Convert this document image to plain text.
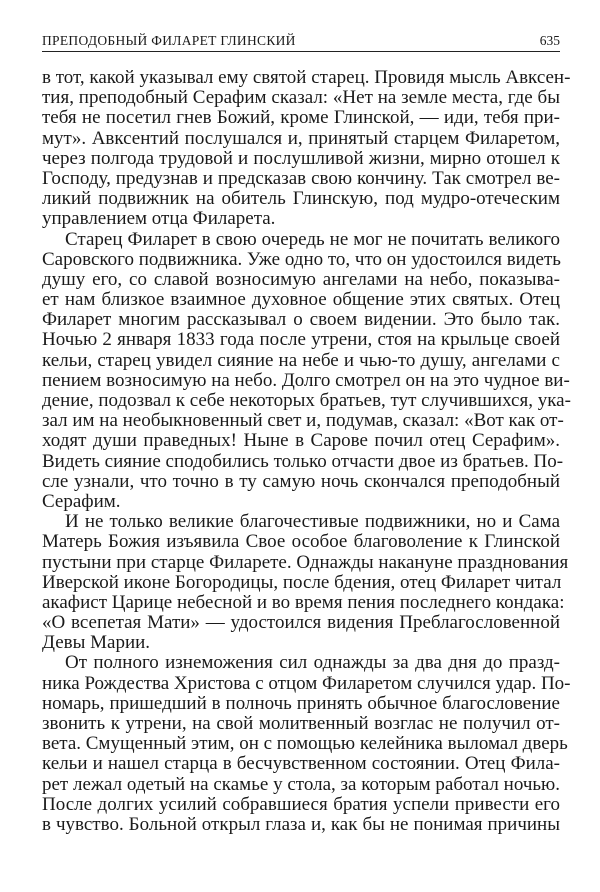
ПРЕПОДОБНЫЙ ФИЛАРЕТ ГЛИНСКИЙ	635
в тот, какой указывал ему святой старец. Провидя мысль Авксен-
тия, преподобный Серафим сказал: «Нет на земле места, где бы
тебя не посетил гнев Божий, кроме Глинской, — иди, тебя при-
мут». Авксентий послушался и, принятый старцем Филаретом,
через полгода трудовой и послушливой жизни, мирно отошел к
Господу, предузнав и предсказав свою кончину. Так смотрел ве-
ликий подвижник на обитель Глинскую, под мудро-отеческим
управлением отца Филарета.
Старец Филарет в свою очередь не мог не почитать великого
Саровского подвижника. Уже одно то, что он удостоился видеть
душу его, со славой возносимую ангелами на небо, показыва-
ет нам близкое взаимное духовное общение этих святых. Отец
Филарет многим рассказывал о своем видении. Это было так.
Ночью 2 января 1833 года после утрени, стоя на крыльце своей
кельи, старец увидел сияние на небе и чью-то душу, ангелами с
пением возносимую на небо. Долго смотрел он на это чудное ви-
дение, подозвал к себе некоторых братьев, тут случившихся, ука-
зал им на необыкновенный свет и, подумав, сказал: «Вот как от-
ходят души праведных! Ныне в Сарове почил отец Серафим».
Видеть сияние сподобились только отчасти двое из братьев. По-
сле узнали, что точно в ту самую ночь скончался преподобный
Серафим.
И не только великие благочестивые подвижники, но и Сама
Матерь Божия изъявила Свое особое благоволение к Глинской
пустыни при старце Филарете. Однажды накануне празднования
Иверской иконе Богородицы, после бдения, отец Филарет читал
акафист Царице небесной и во время пения последнего кондака:
«О всепетая Мати» — удостоился видения Преблагословенной
Девы Марии.
От полного изнеможения сил однажды за два дня до празд-
ника Рождества Христова с отцом Филаретом случился удар. По-
номарь, пришедший в полночь принять обычное благословение
звонить к утрени, на свой молитвенный возглас не получил от-
вета. Смущенный этим, он с помощью келейника выломал дверь
кельи и нашел старца в бесчувственном состоянии. Отец Фила-
рет лежал одетый на скамье у стола, за которым работал ночью.
После долгих усилий собравшиеся братия успели привести его
в чувство. Больной открыл глаза и, как бы не понимая причины
